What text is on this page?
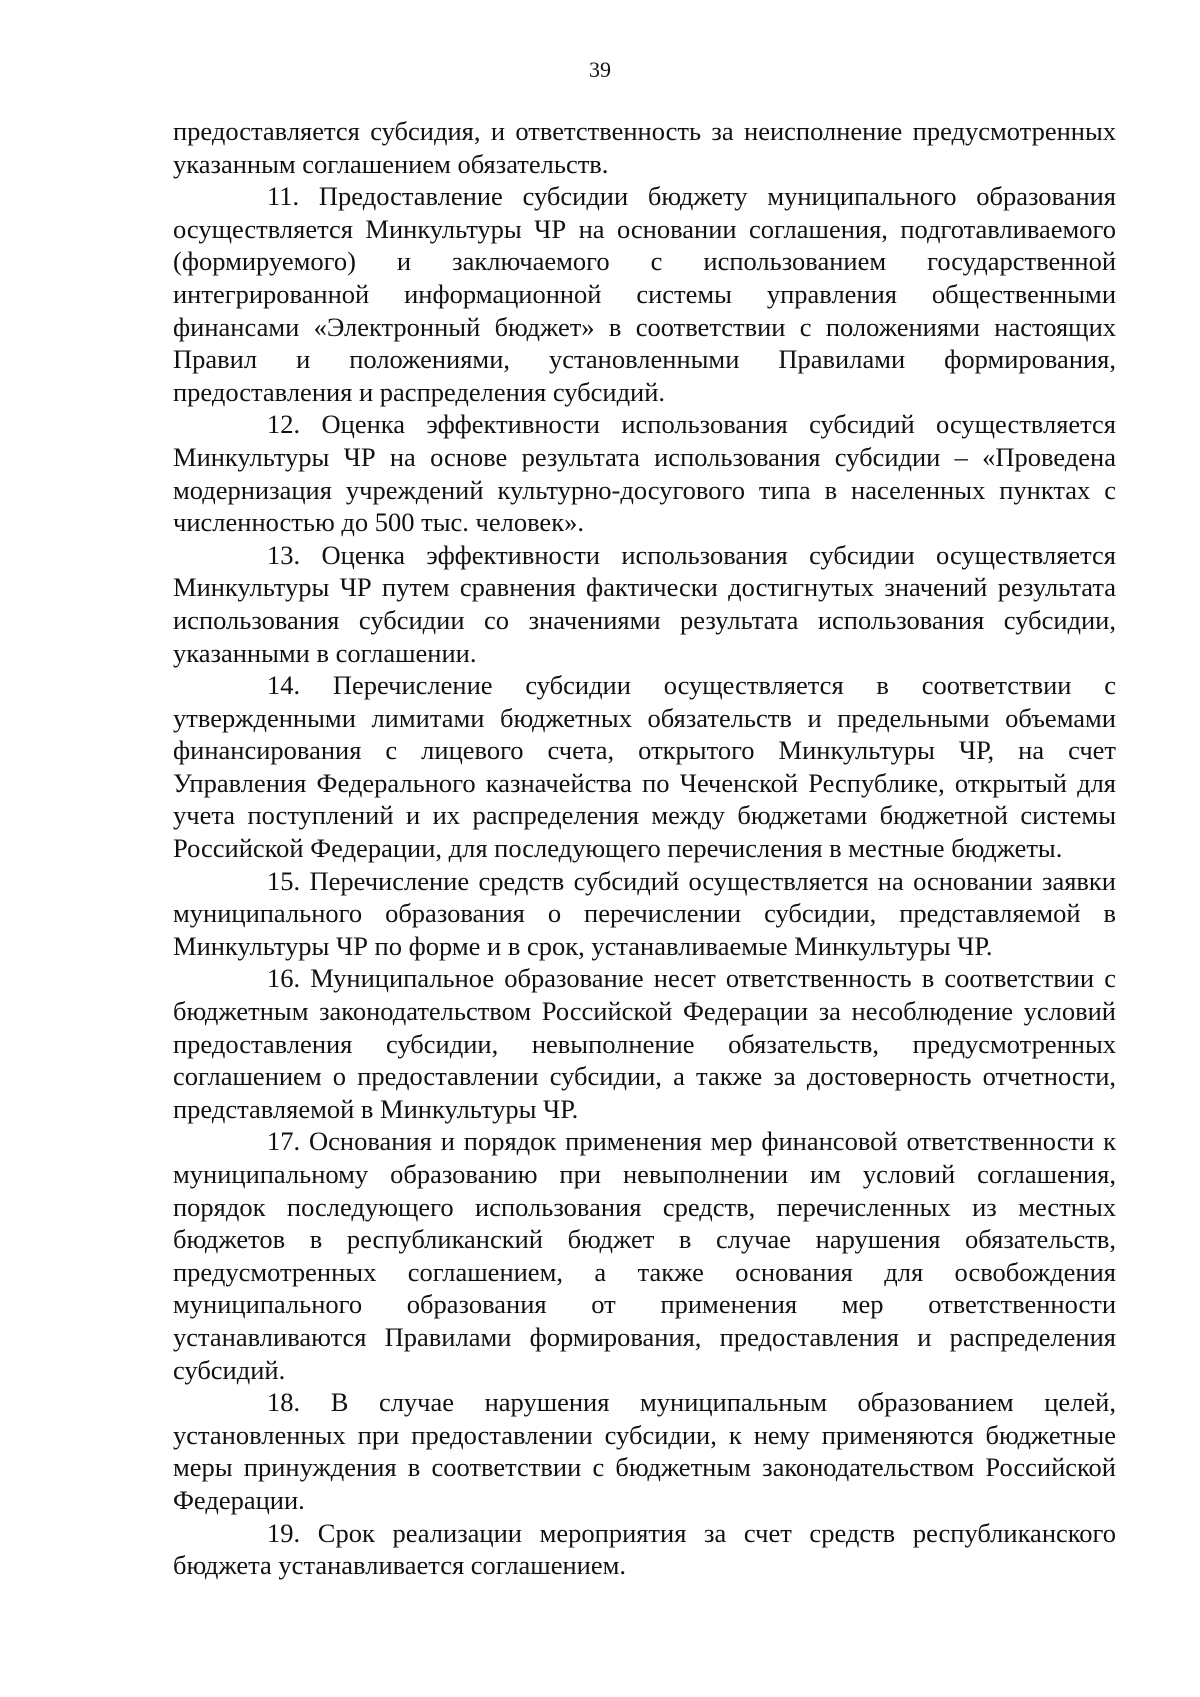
39

предоставляется субсидия, и ответственность за неисполнение предусмотренных указанным соглашением обязательств.

11. Предоставление субсидии бюджету муниципального образования осуществляется Минкультуры ЧР на основании соглашения, подготавливаемого (формируемого) и заключаемого с использованием государственной интегрированной информационной системы управления общественными финансами «Электронный бюджет» в соответствии с положениями настоящих Правил и положениями, установленными Правилами формирования, предоставления и распределения субсидий.

12. Оценка эффективности использования субсидий осуществляется Минкультуры ЧР на основе результата использования субсидии – «Проведена модернизация учреждений культурно-досугового типа в населенных пунктах с численностью до 500 тыс. человек».

13. Оценка эффективности использования субсидии осуществляется Минкультуры ЧР путем сравнения фактически достигнутых значений результата использования субсидии со значениями результата использования субсидии, указанными в соглашении.

14. Перечисление субсидии осуществляется в соответствии с утвержденными лимитами бюджетных обязательств и предельными объемами финансирования с лицевого счета, открытого Минкультуры ЧР, на счет Управления Федерального казначейства по Чеченской Республике, открытый для учета поступлений и их распределения между бюджетами бюджетной системы Российской Федерации, для последующего перечисления в местные бюджеты.

15. Перечисление средств субсидий осуществляется на основании заявки муниципального образования о перечислении субсидии, представляемой в Минкультуры ЧР по форме и в срок, устанавливаемые Минкультуры ЧР.

16. Муниципальное образование несет ответственность в соответствии с бюджетным законодательством Российской Федерации за несоблюдение условий предоставления субсидии, невыполнение обязательств, предусмотренных соглашением о предоставлении субсидии, а также за достоверность отчетности, представляемой в Минкультуры ЧР.

17. Основания и порядок применения мер финансовой ответственности к муниципальному образованию при невыполнении им условий соглашения, порядок последующего использования средств, перечисленных из местных бюджетов в республиканский бюджет в случае нарушения обязательств, предусмотренных соглашением, а также основания для освобождения муниципального образования от применения мер ответственности устанавливаются Правилами формирования, предоставления и распределения субсидий.

18. В случае нарушения муниципальным образованием целей, установленных при предоставлении субсидии, к нему применяются бюджетные меры принуждения в соответствии с бюджетным законодательством Российской Федерации.

19. Срок реализации мероприятия за счет средств республиканского бюджета устанавливается соглашением.
